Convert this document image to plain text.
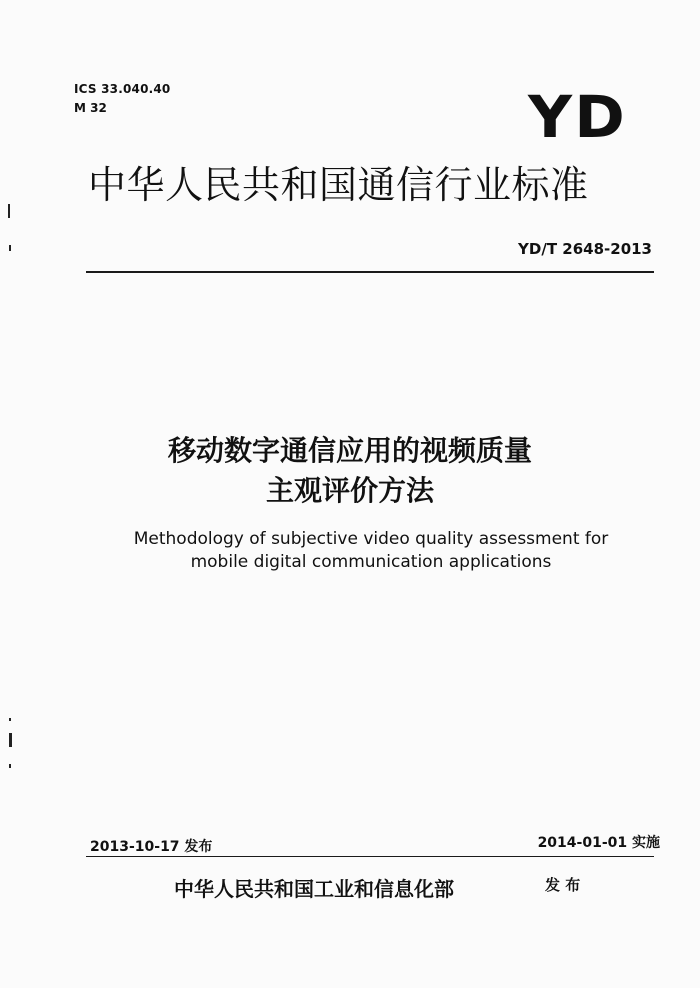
ICS 33.040.40
M 32	YD
中华人民共和国通信行业标准
YD/T 2648-2013
移动数字通信应用的视频质量
主观评价方法
Methodology of subjective video quality assessment for
mobile digital communication applications
2013-10-17 发布	2014-01-01 实施
中华人民共和国工业和信息化部	发 布
